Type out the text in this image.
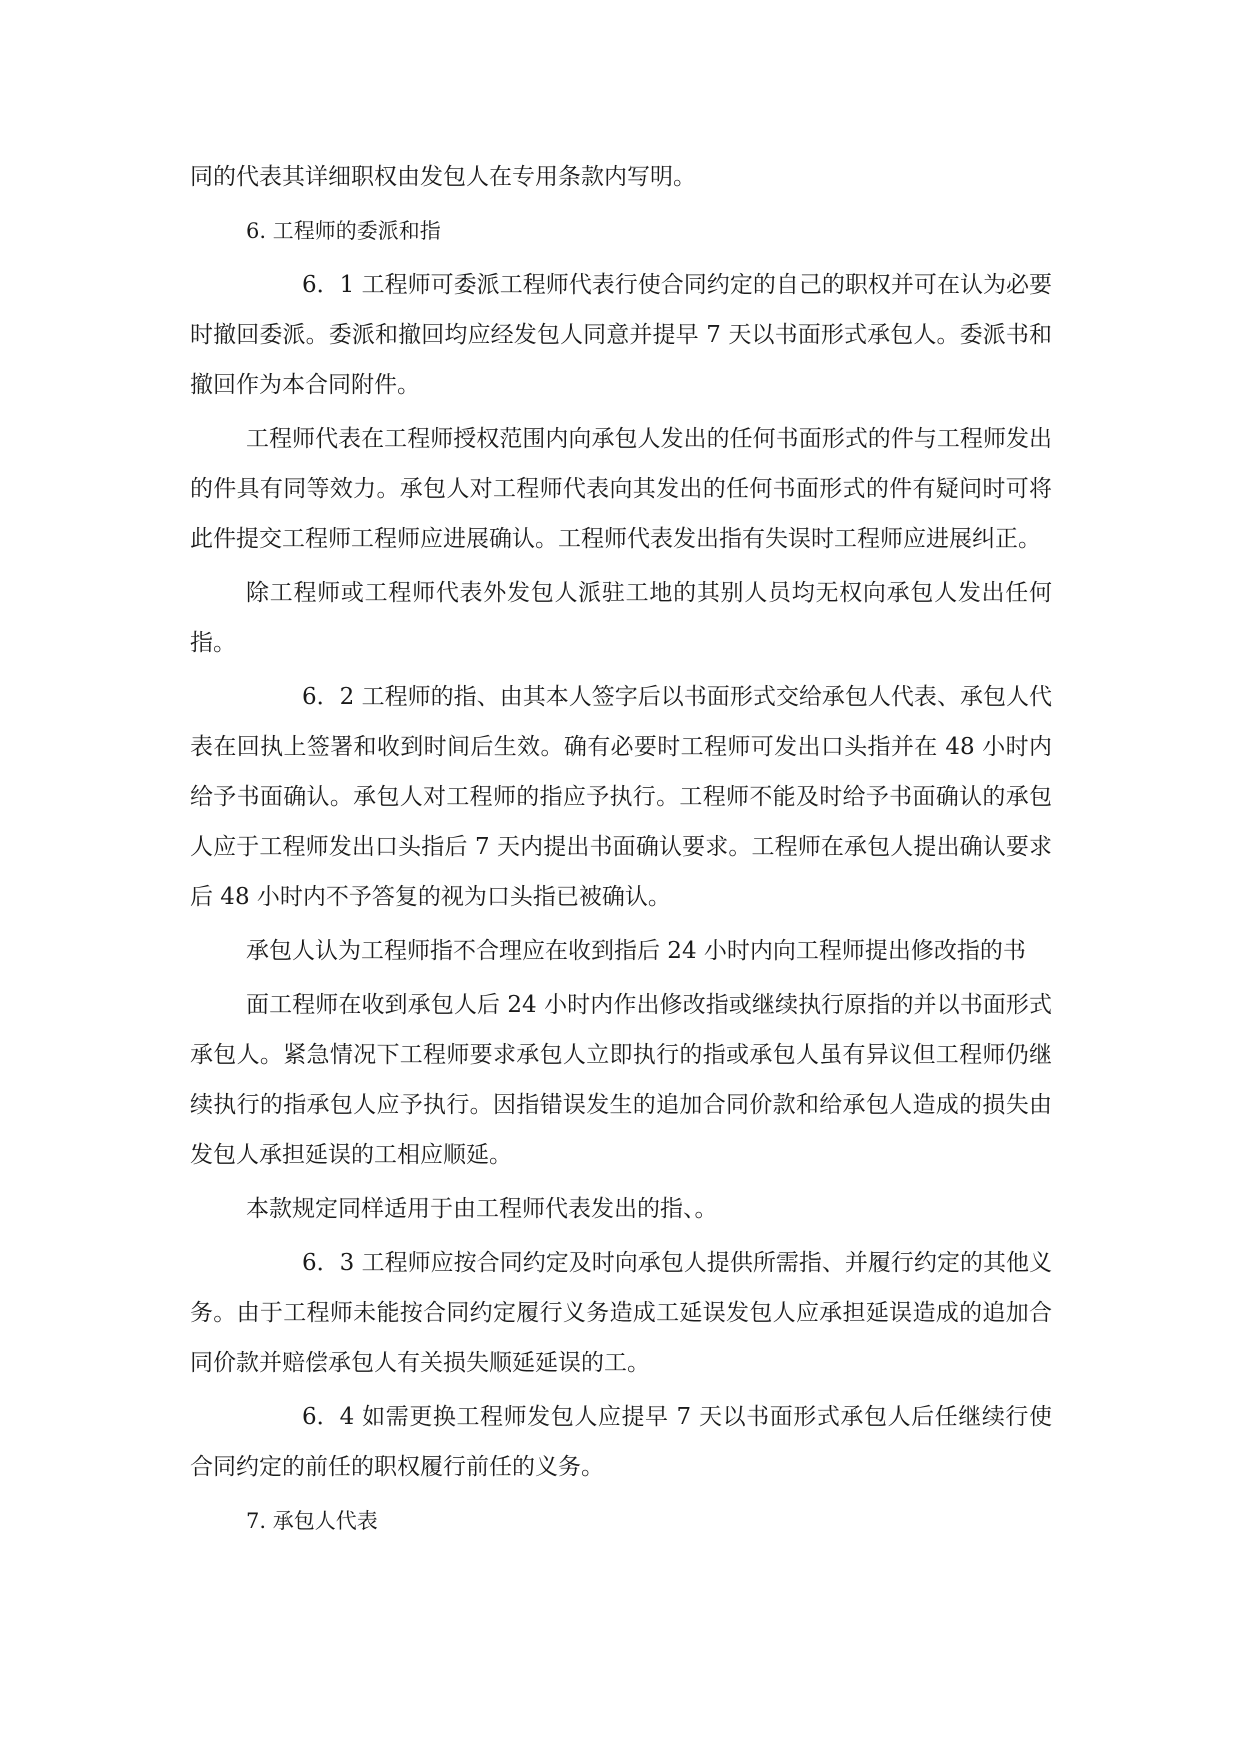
同的代表其详细职权由发包人在专用条款内写明。

6. 工程师的委派和指

6．1 工程师可委派工程师代表行使合同约定的自己的职权并可在认为必要时撤回委派。委派和撤回均应经发包人同意并提早 7 天以书面形式承包人。委派书和撤回作为本合同附件。

工程师代表在工程师授权范围内向承包人发出的任何书面形式的件与工程师发出的件具有同等效力。承包人对工程师代表向其发出的任何书面形式的件有疑问时可将此件提交工程师工程师应进展确认。工程师代表发出指有失误时工程师应进展纠正。

除工程师或工程师代表外发包人派驻工地的其别人员均无权向承包人发出任何指。

6．2 工程师的指、由其本人签字后以书面形式交给承包人代表、承包人代表在回执上签署和收到时间后生效。确有必要时工程师可发出口头指并在 48 小时内给予书面确认。承包人对工程师的指应予执行。工程师不能及时给予书面确认的承包人应于工程师发出口头指后 7 天内提出书面确认要求。工程师在承包人提出确认要求后 48 小时内不予答复的视为口头指已被确认。

承包人认为工程师指不合理应在收到指后 24 小时内向工程师提出修改指的书

面工程师在收到承包人后 24 小时内作出修改指或继续执行原指的并以书面形式承包人。紧急情况下工程师要求承包人立即执行的指或承包人虽有异议但工程师仍继续执行的指承包人应予执行。因指错误发生的追加合同价款和给承包人造成的损失由发包人承担延误的工相应顺延。

本款规定同样适用于由工程师代表发出的指、。

6．3 工程师应按合同约定及时向承包人提供所需指、并履行约定的其他义务。由于工程师未能按合同约定履行义务造成工延误发包人应承担延误造成的追加合同价款并赔偿承包人有关损失顺延延误的工。

6．4 如需更换工程师发包人应提早 7 天以书面形式承包人后任继续行使合同约定的前任的职权履行前任的义务。

7. 承包人代表
